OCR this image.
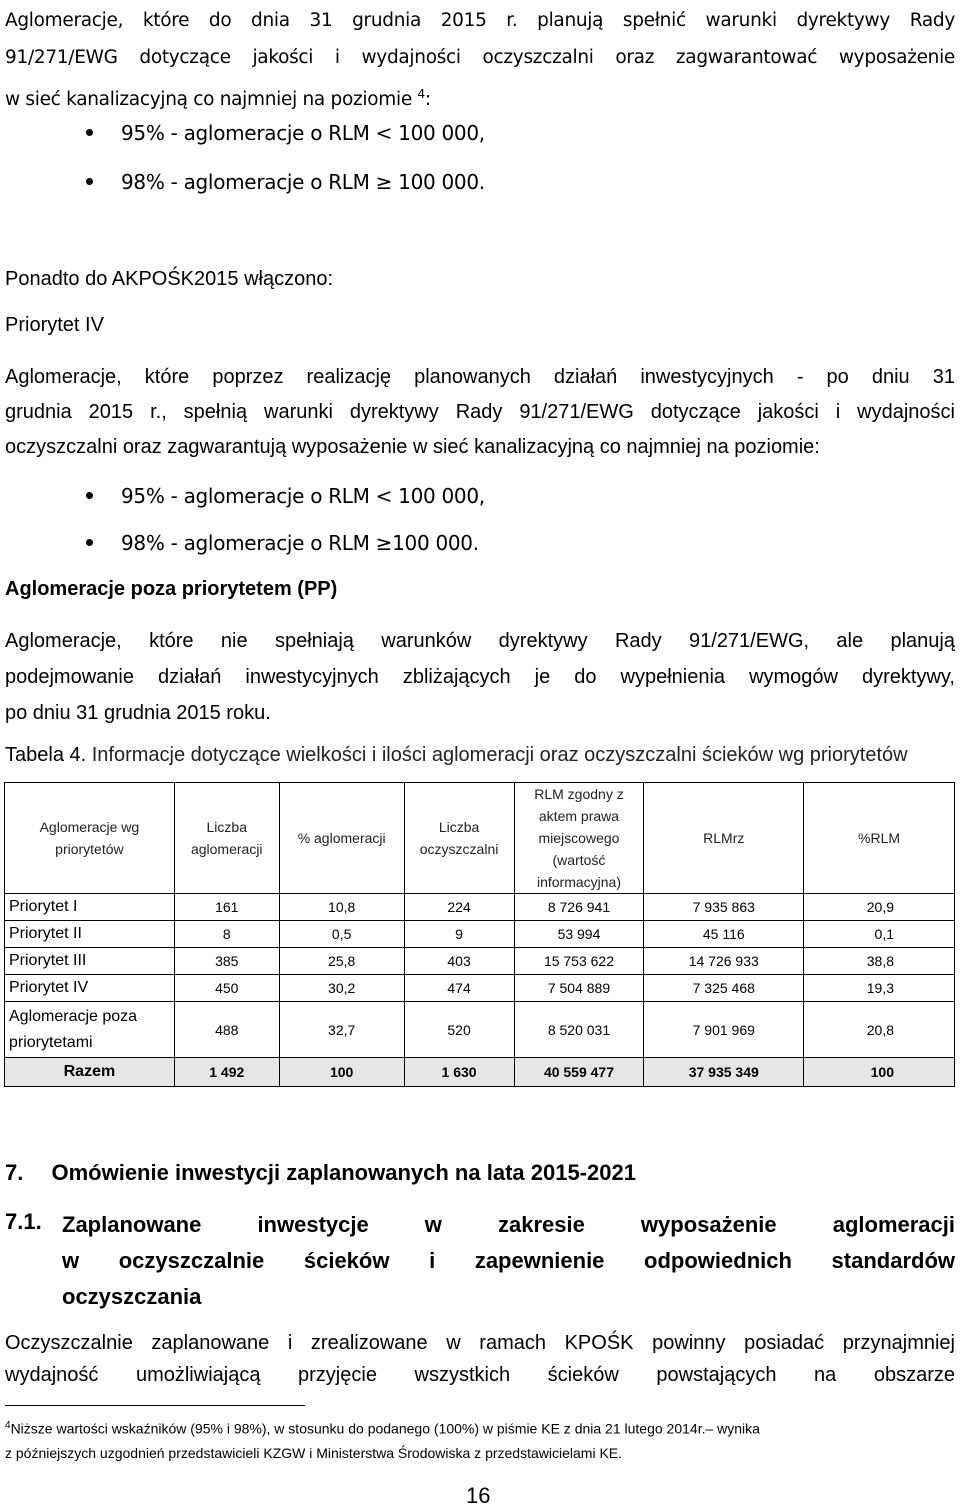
Aglomeracje, które do dnia 31 grudnia 2015 r. planują spełnić warunki dyrektywy Rady
91/271/EWG dotyczące jakości i wydajności oczyszczalni oraz zagwarantować wyposażenie
w sieć kanalizacyjną co najmniej na poziomie $^4$:
95% - aglomeracje o RLM < 100 000,
98% - aglomeracje o RLM ≥ 100 000.
Ponadto do AKPOŚK2015 włączono:
Priorytet IV
Aglomeracje, które poprzez realizację planowanych działań inwestycyjnych - po dniu 31
grudnia 2015 r., spełnią warunki dyrektywy Rady 91/271/EWG dotyczące jakości i wydajności
oczyszczalni oraz zagwarantują wyposażenie w sieć kanalizacyjną co najmniej na poziomie:
95% - aglomeracje o RLM < 100 000,
98% - aglomeracje o RLM ≥100 000.
Aglomeracje poza priorytetem (PP)
Aglomeracje, które nie spełniają warunków dyrektywy Rady 91/271/EWG, ale planują
podejmowanie działań inwestycyjnych zbliżających je do wypełnienia wymogów dyrektywy,
po dniu 31 grudnia 2015 roku.
Tabela 4. Informacje dotyczące wielkości i ilości aglomeracji oraz oczyszczalni ścieków wg priorytetów
Aglomeracje wg priorytetów	Liczba aglomeracji	% aglomeracji	Liczba oczyszczalni	RLM zgodny z aktem prawa miejscowego (wartość informacyjna)	RLMrz	%RLM
Priorytet I	161	10,8	224	8 726 941	7 935 863	20,9
Priorytet II	8	0,5	9	53 994	45 116	0,1
Priorytet III	385	25,8	403	15 753 622	14 726 933	38,8
Priorytet IV	450	30,2	474	7 504 889	7 325 468	19,3
Aglomeracje poza priorytetami	488	32,7	520	8 520 031	7 901 969	20,8
Razem	1 492	100	1 630	40 559 477	37 935 349	100
7. Omówienie inwestycji zaplanowanych na lata 2015-2021
7.1. Zaplanowane inwestycje w zakresie wyposażenie aglomeracji
w oczyszczalnie ścieków i zapewnienie odpowiednich standardów
oczyszczania
Oczyszczalnie zaplanowane i zrealizowane w ramach KPOŚK powinny posiadać przynajmniej
wydajność umożliwiającą przyjęcie wszystkich ścieków powstających na obszarze
$^4$Niższe wartości wskaźników (95% i 98%), w stosunku do podanego (100%) w piśmie KE z dnia 21 lutego 2014r.– wynika
z późniejszych uzgodnień przedstawicieli KZGW i Ministerstwa Środowiska z przedstawicielami KE.
16
